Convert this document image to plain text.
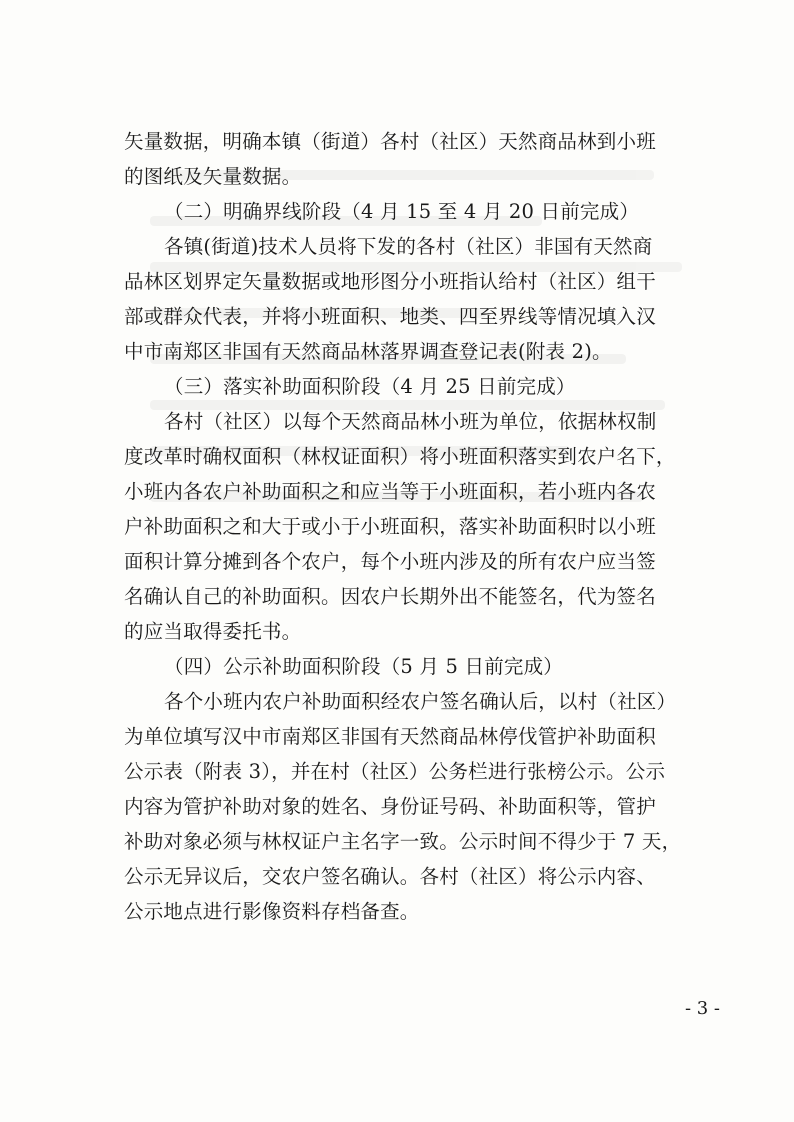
矢量数据，明确本镇（街道）各村（社区）天然商品林到小班
的图纸及矢量数据。
（二）明确界线阶段（4 月 15 至 4 月 20 日前完成）
各镇(街道)技术人员将下发的各村（社区）非国有天然商
品林区划界定矢量数据或地形图分小班指认给村（社区）组干
部或群众代表，并将小班面积、地类、四至界线等情况填入汉
中市南郑区非国有天然商品林落界调查登记表(附表 2)。
（三）落实补助面积阶段（4 月 25 日前完成）
各村（社区）以每个天然商品林小班为单位，依据林权制
度改革时确权面积（林权证面积）将小班面积落实到农户名下，
小班内各农户补助面积之和应当等于小班面积，若小班内各农
户补助面积之和大于或小于小班面积，落实补助面积时以小班
面积计算分摊到各个农户，每个小班内涉及的所有农户应当签
名确认自己的补助面积。因农户长期外出不能签名，代为签名
的应当取得委托书。
（四）公示补助面积阶段（5 月 5 日前完成）
各个小班内农户补助面积经农户签名确认后，以村（社区）
为单位填写汉中市南郑区非国有天然商品林停伐管护补助面积
公示表（附表 3），并在村（社区）公务栏进行张榜公示。公示
内容为管护补助对象的姓名、身份证号码、补助面积等，管护
补助对象必须与林权证户主名字一致。公示时间不得少于 7 天，
公示无异议后，交农户签名确认。各村（社区）将公示内容、
公示地点进行影像资料存档备查。
- 3 -
